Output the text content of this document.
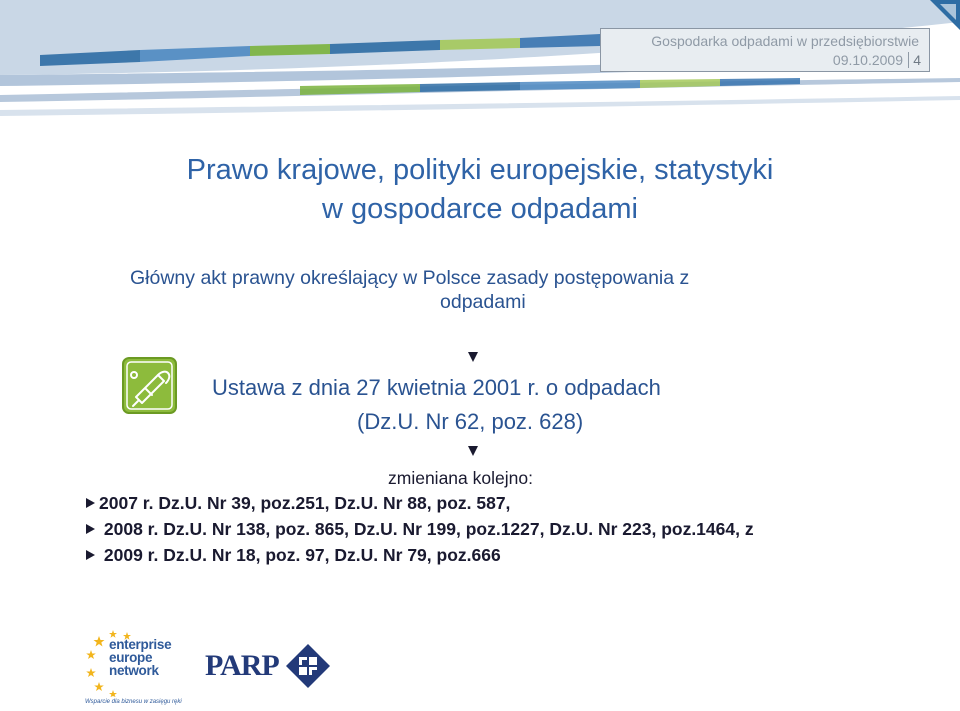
Gospodarka odpadami w przedsiębiorstwie
09.10.2009 4
Prawo krajowe, polityki europejskie, statystyki
w gospodarce odpadami
Główny akt prawny określający w Polsce zasady postępowania z
odpadami
Ustawa z dnia 27 kwietnia 2001 r. o odpadach
(Dz.U. Nr 62, poz. 628)
zmieniana kolejno:
2007 r. Dz.U. Nr 39, poz.251, Dz.U. Nr 88, poz. 587,
2008 r. Dz.U. Nr 138, poz. 865, Dz.U. Nr 199, poz.1227, Dz.U. Nr 223, poz.1464, z
2009 r. Dz.U. Nr 18, poz. 97, Dz.U. Nr 79, poz.666
enterprise
europe
network
Wsparcie dla biznesu w zasięgu ręki
PARP
